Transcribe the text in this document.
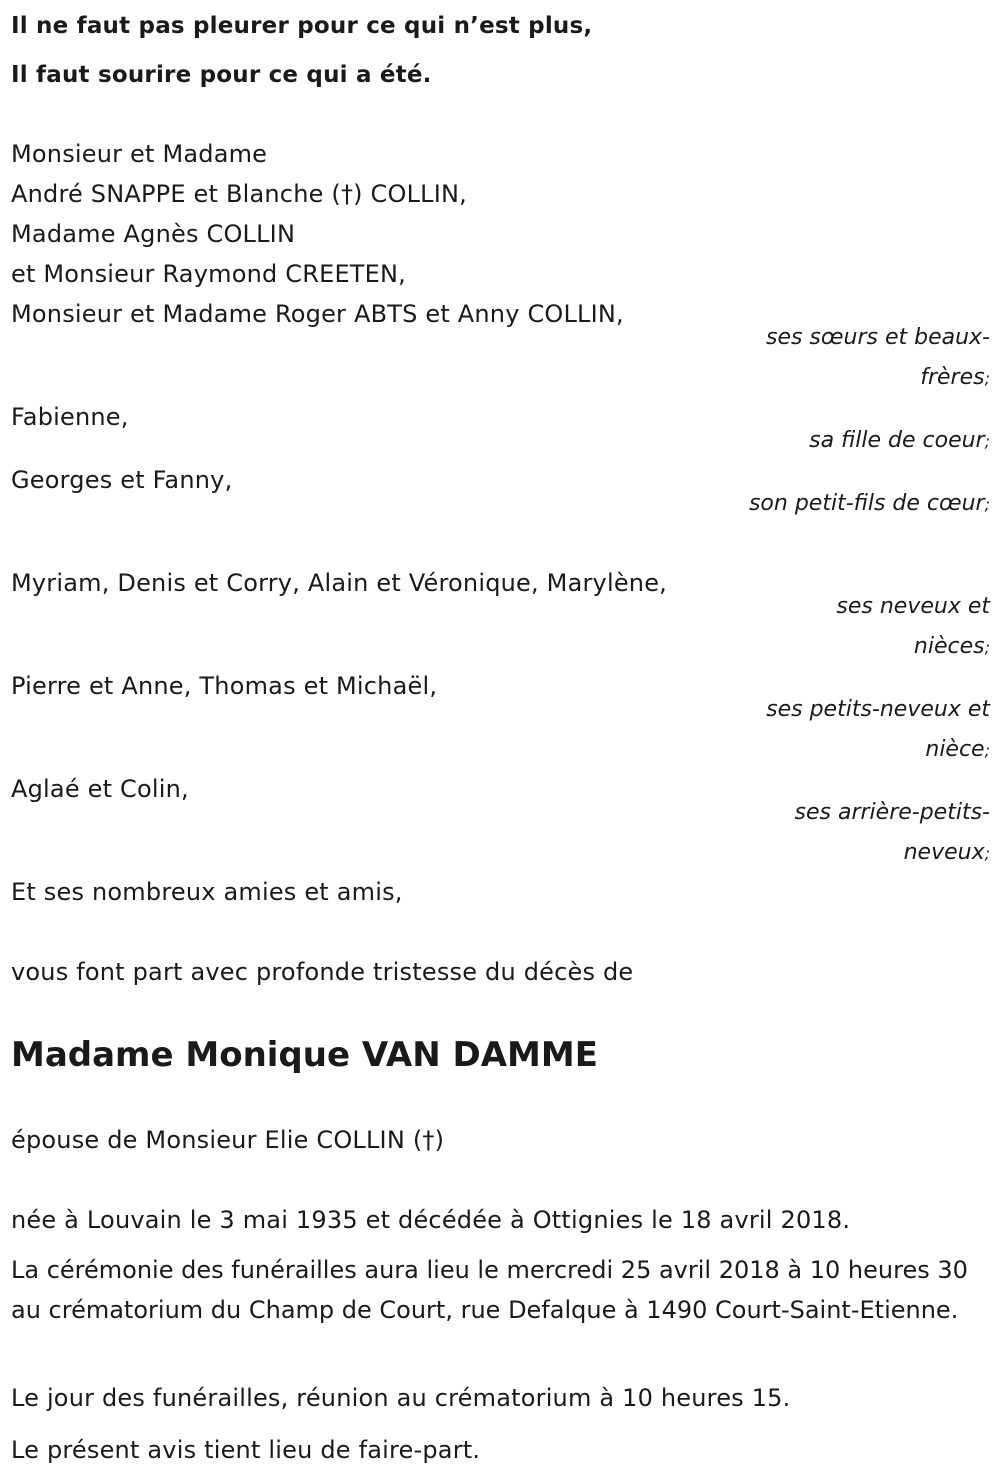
Il ne faut pas pleurer pour ce qui n’est plus,
Il faut sourire pour ce qui a été.
Monsieur et Madame
André SNAPPE et Blanche (†) COLLIN,
Madame Agnès COLLIN
et Monsieur Raymond CREETEN,
Monsieur et Madame Roger ABTS et Anny COLLIN,
ses sœurs et beaux-frères;
Fabienne,
sa fille de coeur;
Georges et Fanny,
son petit-fils de cœur;
Myriam, Denis et Corry, Alain et Véronique, Marylène,
ses neveux et nièces;
Pierre et Anne, Thomas et Michaël,
ses petits-neveux et nièce;
Aglaé et Colin,
ses arrière-petits-neveux;
Et ses nombreux amies et amis,
vous font part avec profonde tristesse du décès de
Madame Monique VAN DAMME
épouse de Monsieur Elie COLLIN (†)
née à Louvain le 3 mai 1935 et décédée à Ottignies le 18 avril 2018.
La cérémonie des funérailles aura lieu le mercredi 25 avril 2018 à 10 heures 30 au crématorium du Champ de Court, rue Defalque à 1490 Court-Saint-Etienne.
Le jour des funérailles, réunion au crématorium à 10 heures 15.
Le présent avis tient lieu de faire-part.
